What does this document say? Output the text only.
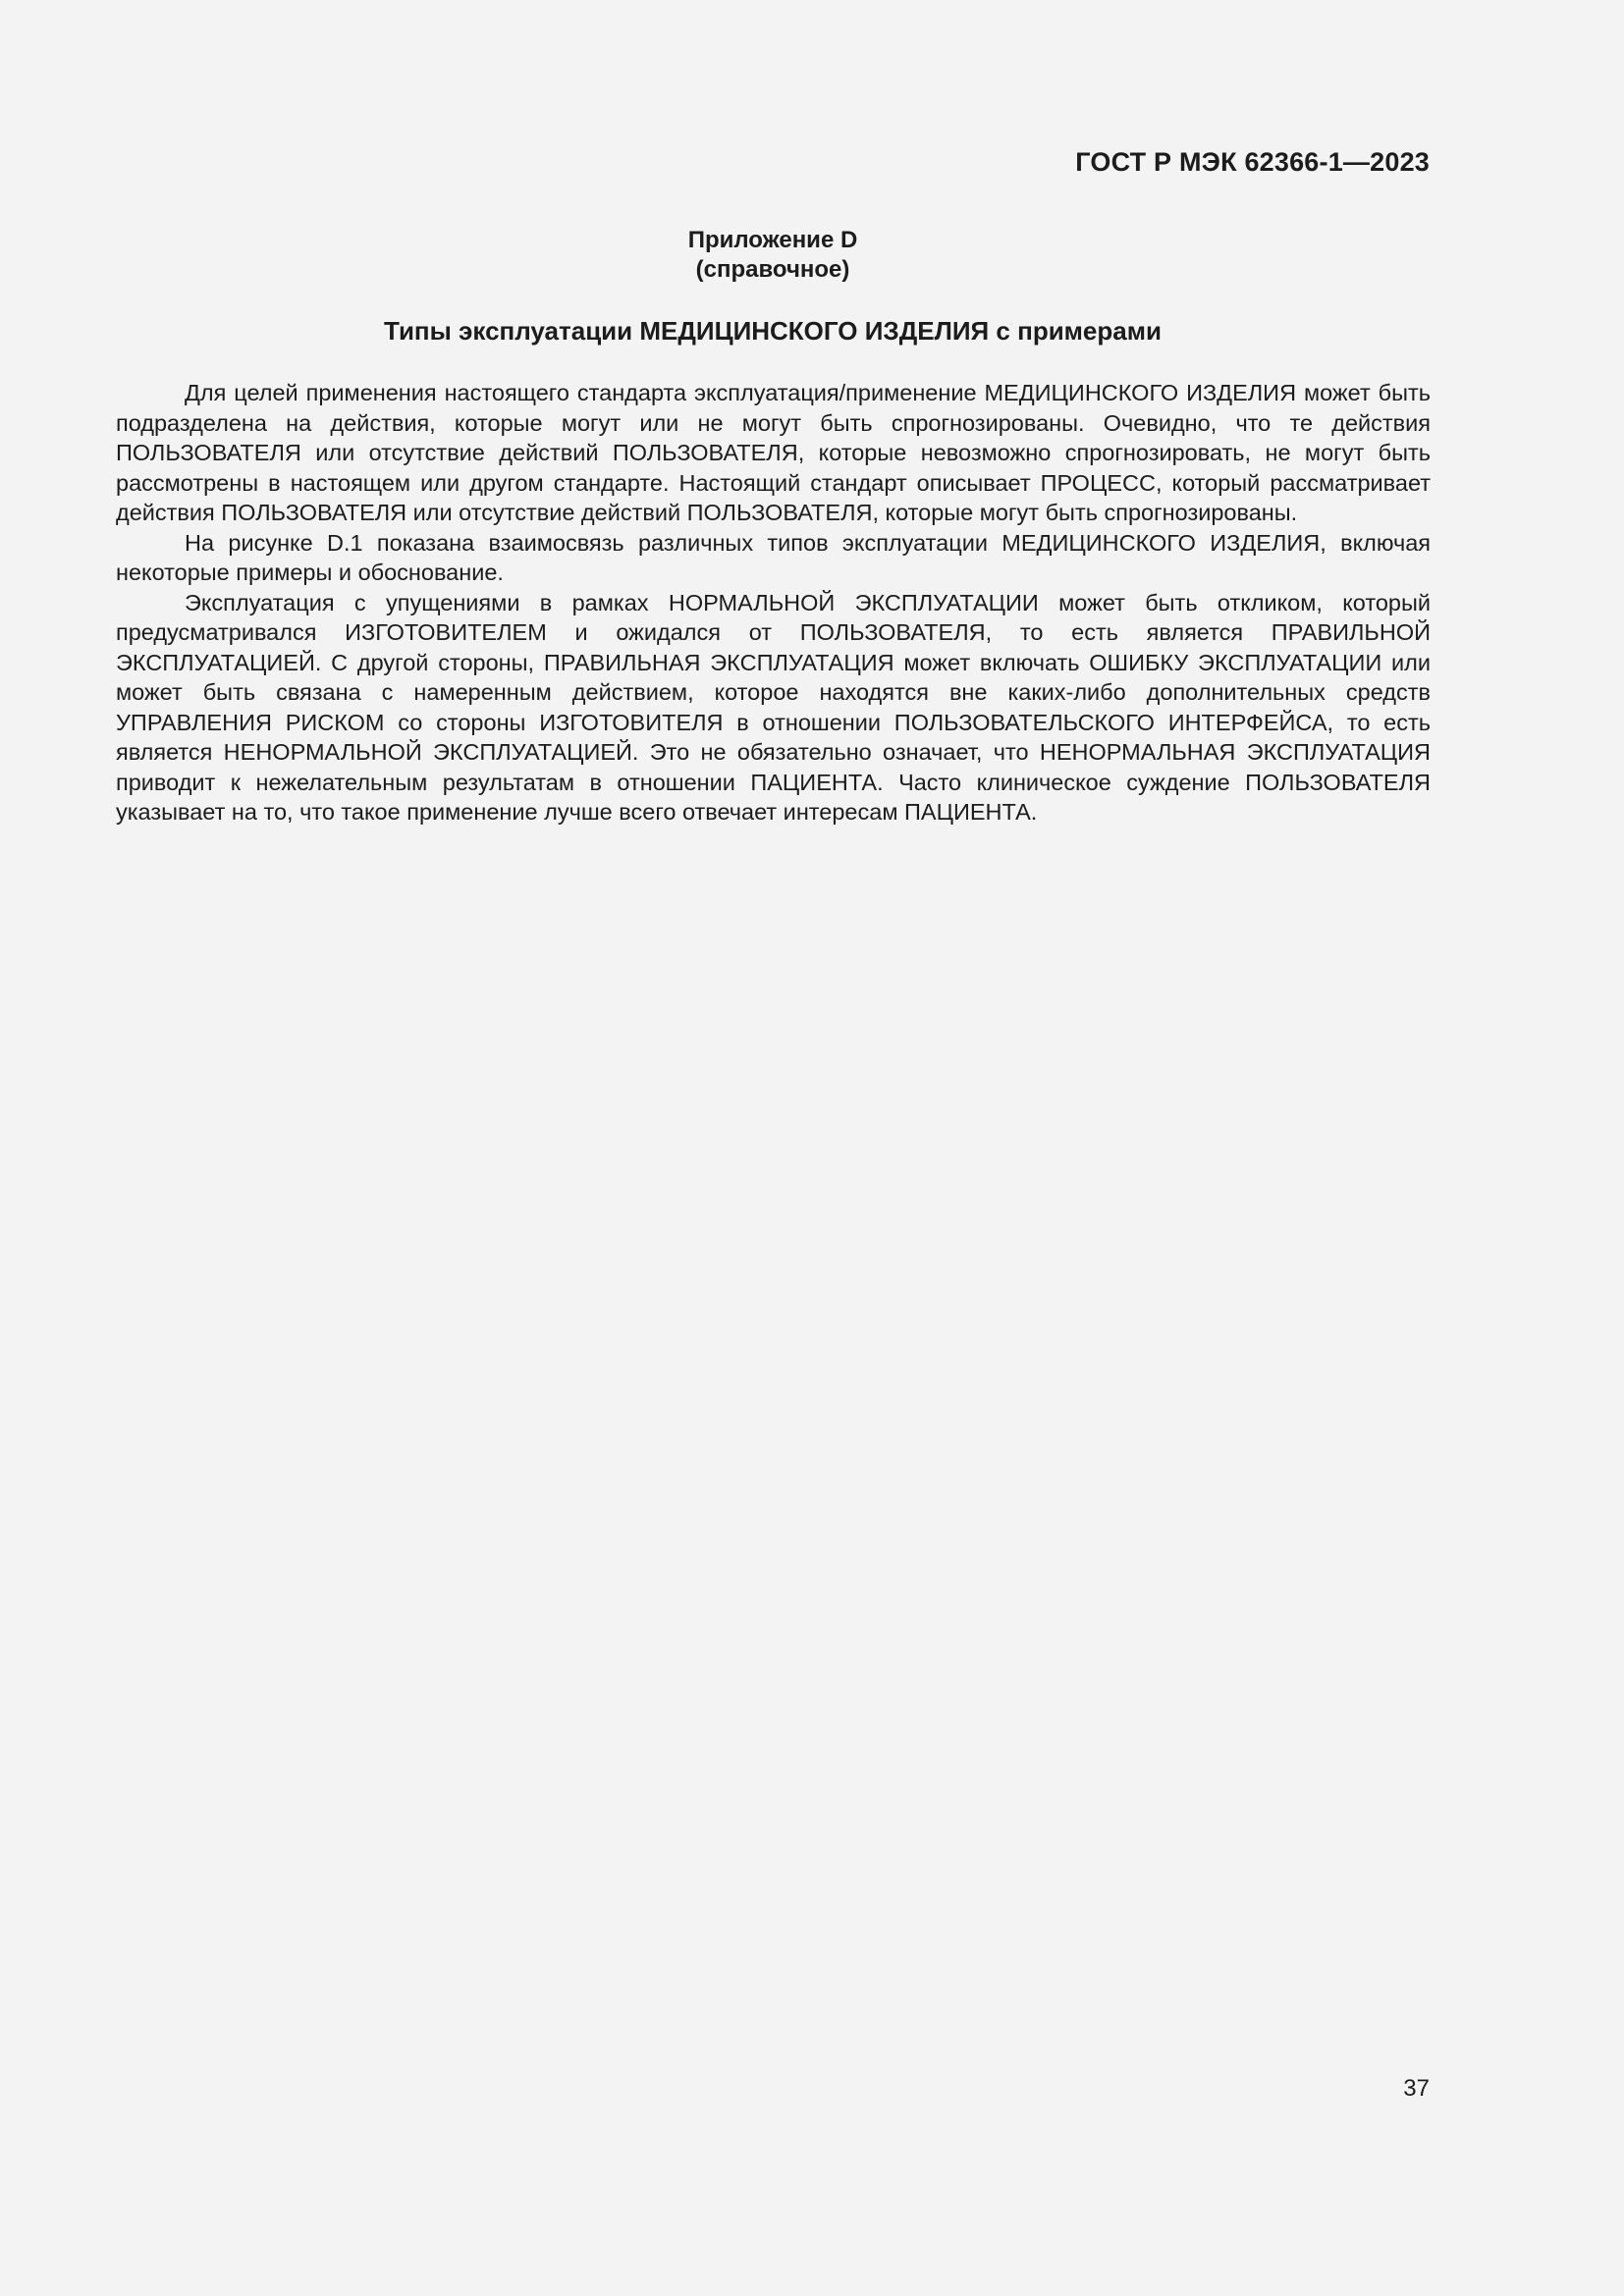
ГОСТ Р МЭК 62366-1—2023
Приложение D
(справочное)
Типы эксплуатации МЕДИЦИНСКОГО ИЗДЕЛИЯ с примерами

Для целей применения настоящего стандарта эксплуатация/применение МЕДИЦИНСКОГО ИЗДЕЛИЯ может быть подразделена на действия, которые могут или не могут быть спрогнозированы. Очевидно, что те действия ПОЛЬЗОВАТЕЛЯ или отсутствие действий ПОЛЬЗОВАТЕЛЯ, которые невозможно спрогнозировать, не могут быть рассмотрены в настоящем или другом стандарте. Настоящий стандарт описывает ПРОЦЕСС, который рассматривает действия ПОЛЬЗОВАТЕЛЯ или отсутствие действий ПОЛЬЗОВАТЕЛЯ, которые могут быть спрогнозированы.

На рисунке D.1 показана взаимосвязь различных типов эксплуатации МЕДИЦИНСКОГО ИЗДЕЛИЯ, включая некоторые примеры и обоснование.

Эксплуатация с упущениями в рамках НОРМАЛЬНОЙ ЭКСПЛУАТАЦИИ может быть откликом, который предусматривался ИЗГОТОВИТЕЛЕМ и ожидался от ПОЛЬЗОВАТЕЛЯ, то есть является ПРАВИЛЬНОЙ ЭКСПЛУАТАЦИЕЙ. С другой стороны, ПРАВИЛЬНАЯ ЭКСПЛУАТАЦИЯ может включать ОШИБКУ ЭКСПЛУАТАЦИИ или может быть связана с намеренным действием, которое находятся вне каких-либо дополнительных средств УПРАВЛЕНИЯ РИСКОМ со стороны ИЗГОТОВИТЕЛЯ в отношении ПОЛЬЗОВАТЕЛЬСКОГО ИНТЕРФЕЙСА, то есть является НЕНОРМАЛЬНОЙ ЭКСПЛУАТАЦИЕЙ. Это не обязательно означает, что НЕНОРМАЛЬНАЯ ЭКСПЛУАТАЦИЯ приводит к нежелательным результатам в отношении ПАЦИЕНТА. Часто клиническое суждение ПОЛЬЗОВАТЕЛЯ указывает на то, что такое применение лучше всего отвечает интересам ПАЦИЕНТА.

37
